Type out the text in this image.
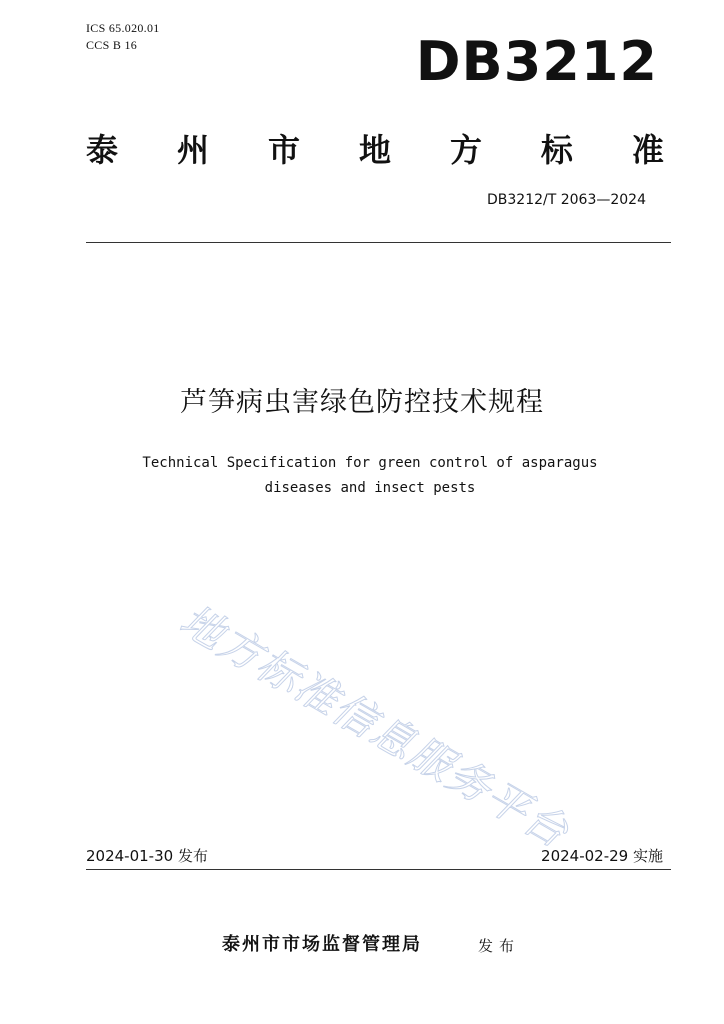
ICS 65.020.01
CCS B 16	DB3212
泰 州 市 地 方 标 准
DB3212/T 2063—2024
芦笋病虫害绿色防控技术规程
Technical Specification for green control of asparagus
diseases and insect pests
地方标准信息服务平台
2024-01-30 发布	2024-02-29 实施
泰州市市场监督管理局	发布
